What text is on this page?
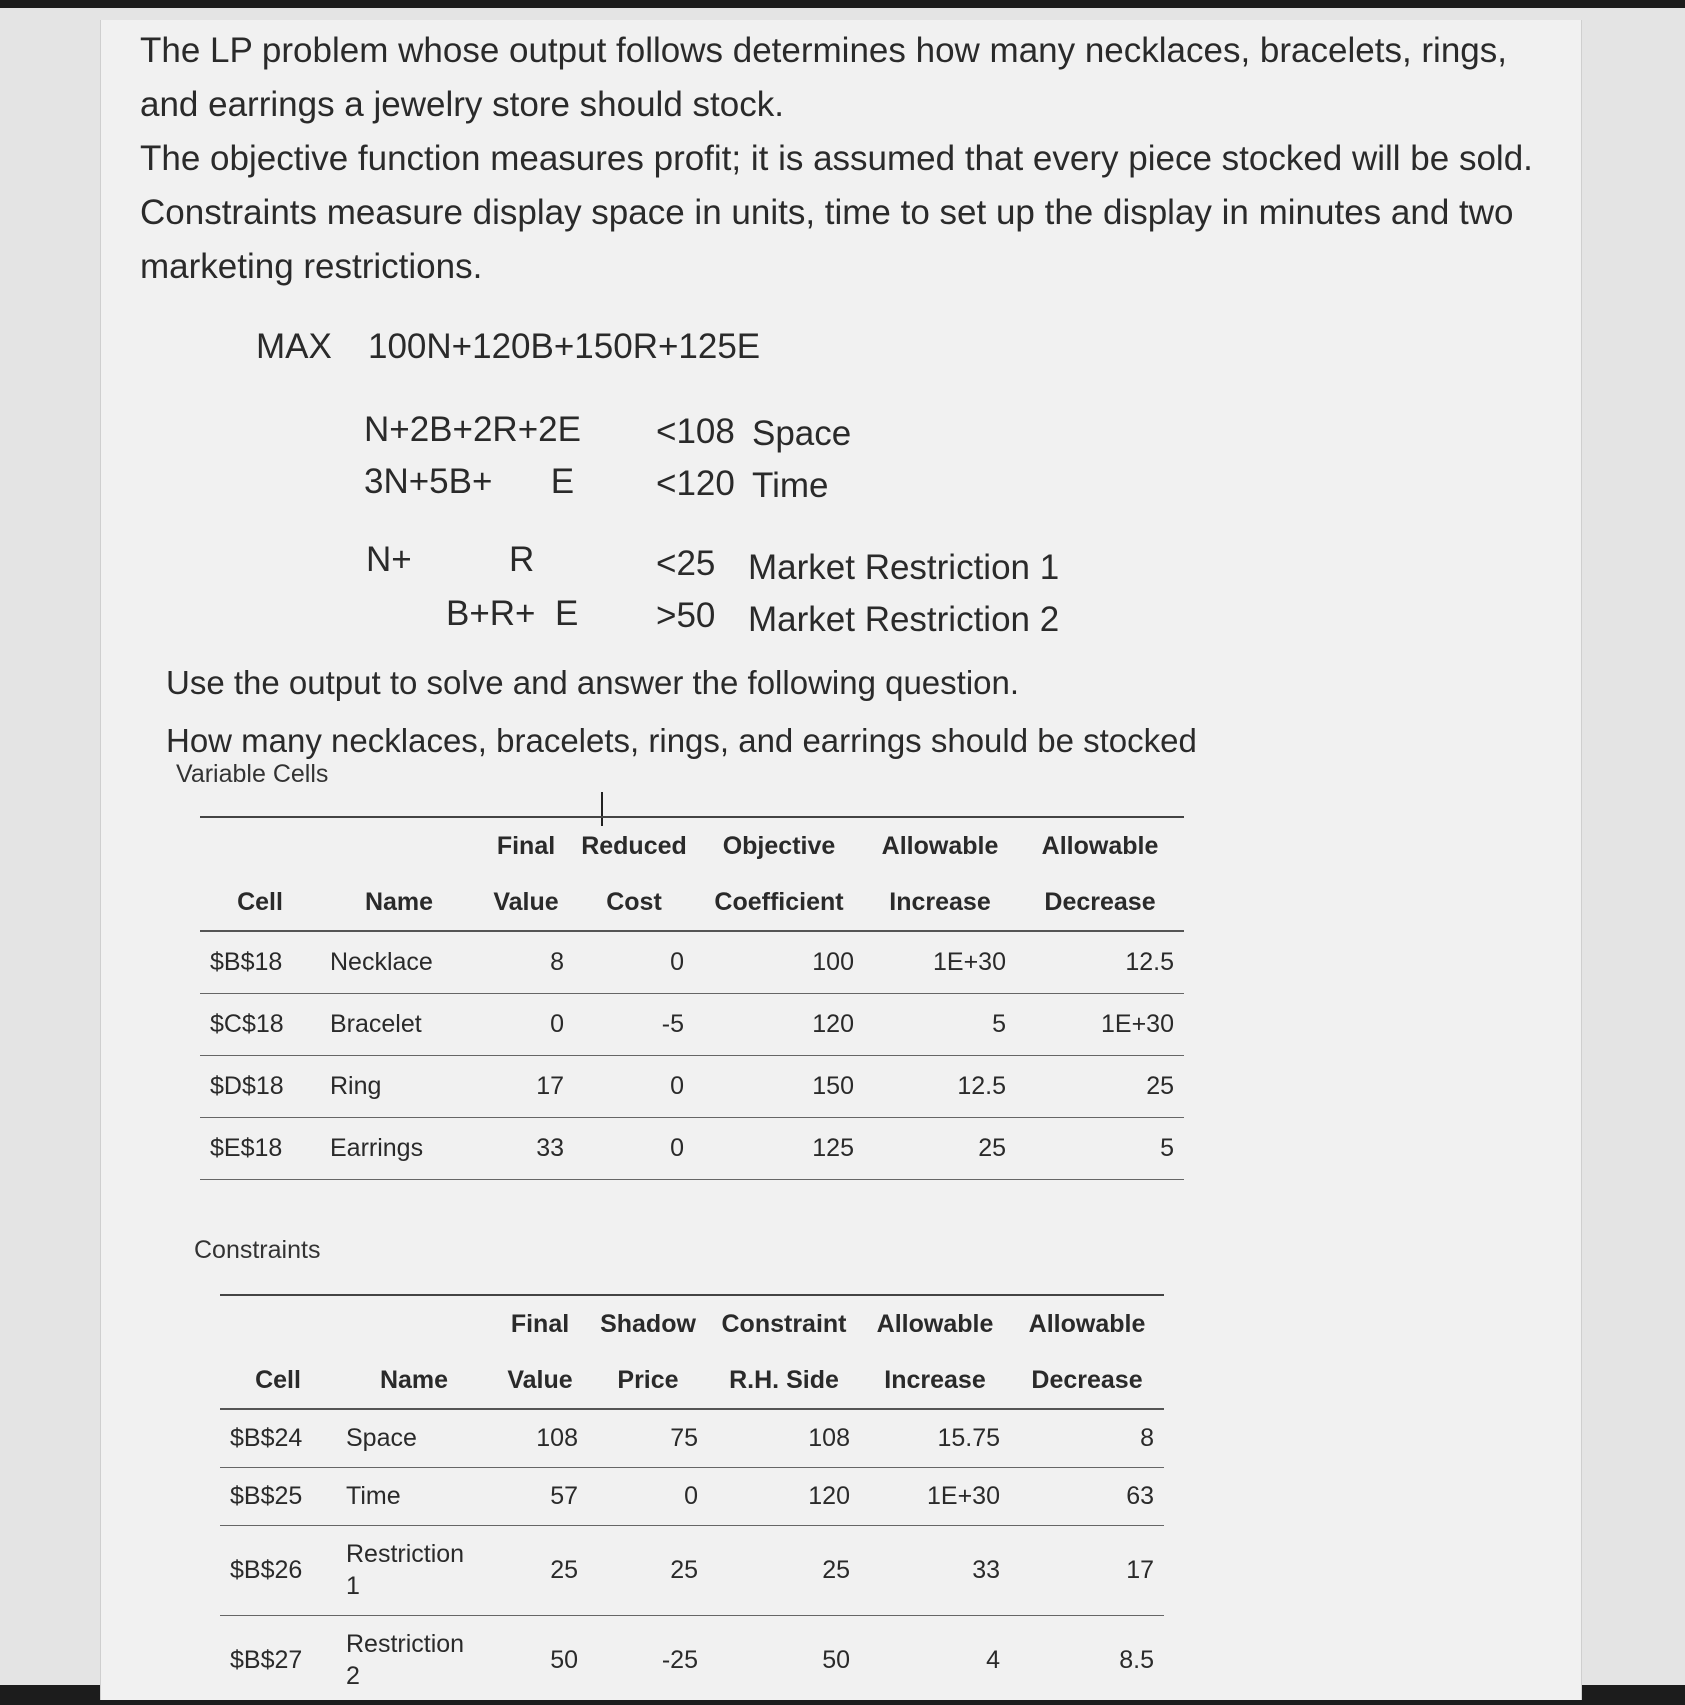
The LP problem whose output follows determines how many necklaces, bracelets, rings, and earrings a jewelry store should stock.

The objective function measures profit; it is assumed that every piece stocked will be sold. Constraints measure display space in units, time to set up the display in minutes and two marketing restrictions.

MAX 100N+120B+150R+125E
N+2B+2R+2E <108 Space
3N+5B+      E <120 Time
N+          R	<25 Market Restriction 1
B+R+  E >50 Market Restriction 2
Use the output to solve and answer the following question.
How many necklaces, bracelets, rings, and earrings should be stocked
Variable Cells
		Final	Reduced	Objective	Allowable	Allowable
Cell	Name	Value	Cost	Coefficient	Increase	Decrease
$B$18	Necklace	8	0	100	1E+30	12.5
$C$18	Bracelet	0	-5	120	5	1E+30
$D$18	Ring	17	0	150	12.5	25
$E$18	Earrings	33	0	125	25	5
Constraints
		Final	Shadow	Constraint	Allowable	Allowable
Cell	Name	Value	Price	R.H. Side	Increase	Decrease
$B$24	Space	108	75	108	15.75	8
$B$25	Time	57	0	120	1E+30	63
$B$26	Restriction 1	25	25	25	33	17
$B$27	Restriction 2	50	-25	50	4	8.5
